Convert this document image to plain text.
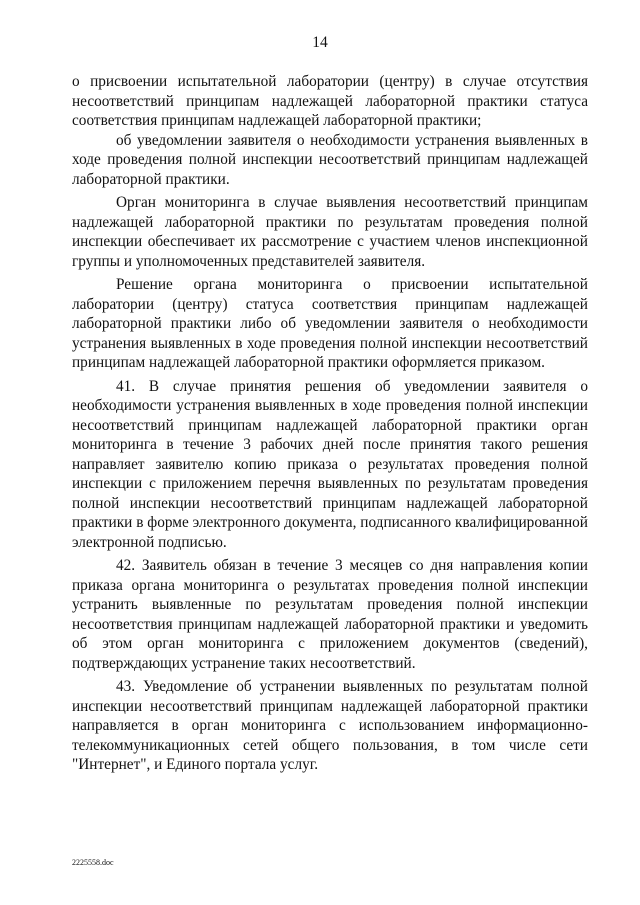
14

о присвоении испытательной лаборатории (центру) в случае отсутствия несоответствий принципам надлежащей лабораторной практики статуса соответствия принципам надлежащей лабораторной практики;

об уведомлении заявителя о необходимости устранения выявленных в ходе проведения полной инспекции несоответствий принципам надлежащей лабораторной практики.

Орган мониторинга в случае выявления несоответствий принципам надлежащей лабораторной практики по результатам проведения полной инспекции обеспечивает их рассмотрение с участием членов инспекционной группы и уполномоченных представителей заявителя.

Решение органа мониторинга о присвоении испытательной лаборатории (центру) статуса соответствия принципам надлежащей лабораторной практики либо об уведомлении заявителя о необходимости устранения выявленных в ходе проведения полной инспекции несоответствий принципам надлежащей лабораторной практики оформляется приказом.

41. В случае принятия решения об уведомлении заявителя о необходимости устранения выявленных в ходе проведения полной инспекции несоответствий принципам надлежащей лабораторной практики орган мониторинга в течение 3 рабочих дней после принятия такого решения направляет заявителю копию приказа о результатах проведения полной инспекции с приложением перечня выявленных по результатам проведения полной инспекции несоответствий принципам надлежащей лабораторной практики в форме электронного документа, подписанного квалифицированной электронной подписью.

42. Заявитель обязан в течение 3 месяцев со дня направления копии приказа органа мониторинга о результатах проведения полной инспекции устранить выявленные по результатам проведения полной инспекции несоответствия принципам надлежащей лабораторной практики и уведомить об этом орган мониторинга с приложением документов (сведений), подтверждающих устранение таких несоответствий.

43. Уведомление об устранении выявленных по результатам полной инспекции несоответствий принципам надлежащей лабораторной практики направляется в орган мониторинга с использованием информационно-телекоммуникационных сетей общего пользования, в том числе сети "Интернет", и Единого портала услуг.

2225558.doc
